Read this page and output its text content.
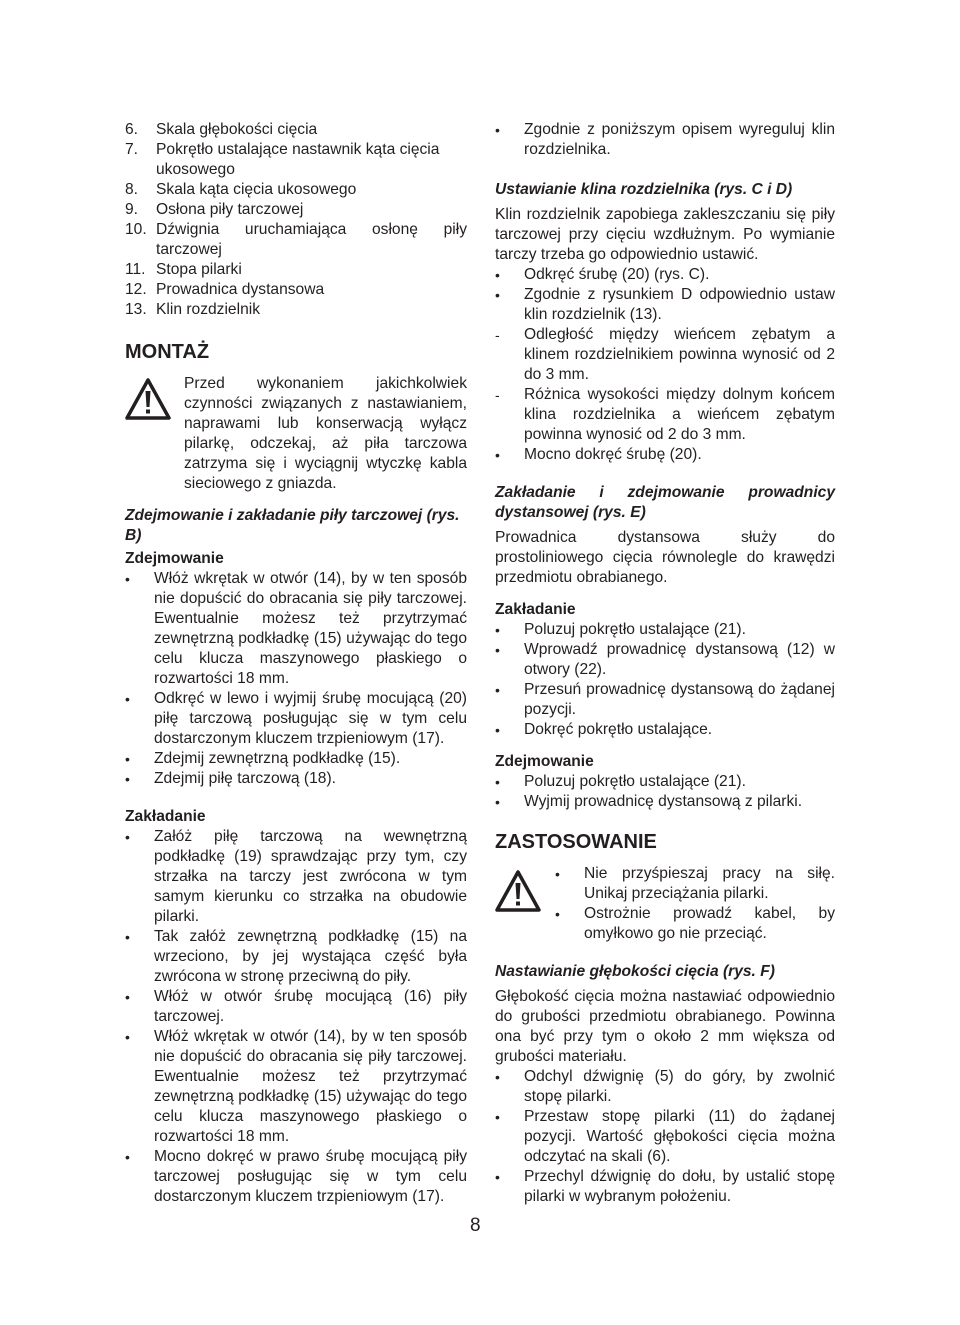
6.	Skala głębokości cięcia
7.	Pokrętło ustalające nastawnik kąta cięcia ukosowego
8.	Skala kąta cięcia ukosowego
9.	Osłona piły tarczowej
10. Dźwignia uruchamiająca osłonę piły tarczowej
11. Stopa pilarki
12. Prowadnica dystansowa
13. Klin rozdzielnik
MONTAŻ

Przed wykonaniem jakichkolwiek czynności związanych z nastawianiem, naprawami lub konserwacją wyłącz pilarkę, odczekaj, aż piła tarczowa zatrzyma się i wyciągnij wtyczkę kabla sieciowego z gniazda.

Zdejmowanie i zakładanie piły tarczowej (rys. B)

Zdejmowanie

•	Włóż wkrętak w otwór (14), by w ten sposób nie dopuścić do obracania się piły tarczowej. Ewentualnie możesz też przytrzymać zewnętrzną podkładkę (15) używając do tego celu klucza maszynowego płaskiego o rozwartości 18 mm.
•	Odkręć w lewo i wyjmij śrubę mocującą (20) piłę tarczową posługując się w tym celu dostarczonym kluczem trzpieniowym (17).
•	Zdejmij zewnętrzną podkładkę (15).
•	Zdejmij piłę tarczową (18).

Zakładanie

•	Załóż piłę tarczową na wewnętrzną podkładkę (19) sprawdzając przy tym, czy strzałka na tarczy jest zwrócona w tym samym kierunku co strzałka na obudowie pilarki.
•	Tak załóż zewnętrzną podkładkę (15) na wrzeciono, by jej wystająca część była zwrócona w stronę przeciwną do piły.
•	Włóż w otwór śrubę mocującą (16) piły tarczowej.
•	Włóż wkrętak w otwór (14), by w ten sposób nie dopuścić do obracania się piły tarczowej. Ewentualnie możesz też przytrzymać zewnętrzną podkładkę (15) używając do tego celu klucza maszynowego płaskiego o rozwartości 18 mm.
•	Mocno dokręć w prawo śrubę mocującą piły tarczowej posługując się w tym celu dostarczonym kluczem trzpieniowym (17).
•	Zgodnie z poniższym opisem wyreguluj klin rozdzielnika.

Ustawianie klina rozdzielnika (rys. C i D)

Klin rozdzielnik zapobiega zakleszczaniu się piły tarczowej przy cięciu wzdłużnym. Po wymianie tarczy trzeba go odpowiednio ustawić.

•	Odkręć śrubę (20) (rys. C).
•	Zgodnie z rysunkiem D odpowiednio ustaw klin rozdzielnik (13).
-	Odległość między wieńcem zębatym a klinem rozdzielnikiem powinna wynosić od 2 do 3 mm.
-	Różnica wysokości między dolnym końcem klina rozdzielnika a wieńcem zębatym powinna wynosić od 2 do 3 mm.
•	Mocno dokręć śrubę (20).

Zakładanie i zdejmowanie prowadnicy dystansowej (rys. E)

Prowadnica dystansowa służy do prostoliniowego cięcia równolegle do krawędzi przedmiotu obrabianego.

Zakładanie

•	Poluzuj pokrętło ustalające (21).
•	Wprowadź prowadnicę dystansową (12) w otwory (22).
•	Przesuń prowadnicę dystansową do żądanej pozycji.
•	Dokręć pokrętło ustalające.

Zdejmowanie

•	Poluzuj pokrętło ustalające (21).
•	Wyjmij prowadnicę dystansową z pilarki.
ZASTOSOWANIE
•	Nie przyśpieszaj pracy na siłę. Unikaj przeciążania pilarki.
•	Ostrożnie prowadź kabel, by omyłkowo go nie przeciąć.

Nastawianie głębokości cięcia (rys. F)

Głębokość cięcia można nastawiać odpowiednio do grubości przedmiotu obrabianego. Powinna ona być przy tym o około 2 mm większa od grubości materiału.

•	Odchyl dźwignię (5) do góry, by zwolnić stopę pilarki.
•	Przestaw stopę pilarki (11) do żądanej pozycji. Wartość głębokości cięcia można odczytać na skali (6).
•	Przechyl dźwignię do dołu, by ustalić stopę pilarki w wybranym położeniu.
8
